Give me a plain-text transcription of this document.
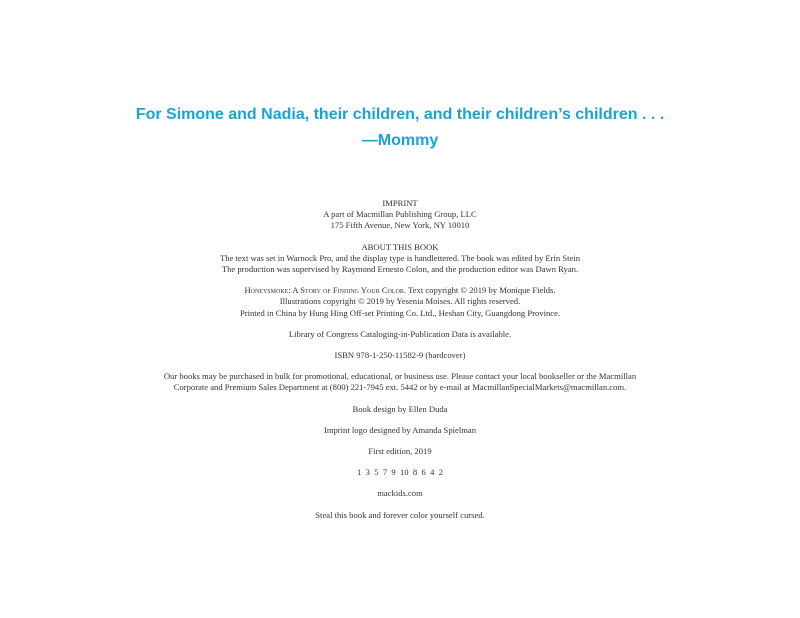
For Simone and Nadia, their children, and their children’s children . . .
—Mommy
IMPRINT
A part of Macmillan Publishing Group, LLC
175 Fifth Avenue, New York, NY 10010
ABOUT THIS BOOK
The text was set in Warnock Pro, and the display type is handlettered. The book was edited by Erin Stein
The production was supervised by Raymond Ernesto Colon, and the production editor was Dawn Ryan.
Honeysmoke: A Story of Finding Your Color. Text copyright © 2019 by Monique Fields.
Illustrations copyright © 2019 by Yesenia Moises. All rights reserved.
Printed in China by Hung Hing Off-set Printing Co. Ltd., Heshan City, Guangdong Province.
Library of Congress Cataloging-in-Publication Data is available.
ISBN 978-1-250-11582-9 (hardcover)
Our books may be purchased in bulk for promotional, educational, or business use. Please contact your local bookseller or the Macmillan
Corporate and Premium Sales Department at (800) 221-7945 ext. 5442 or by e-mail at MacmillanSpecialMarkets@macmillan.com.
Book design by Ellen Duda
Imprint logo designed by Amanda Spielman
First edition, 2019
1  3  5  7  9  10  8  6  4  2
mackids.com
Steal this book and forever color yourself cursed.
